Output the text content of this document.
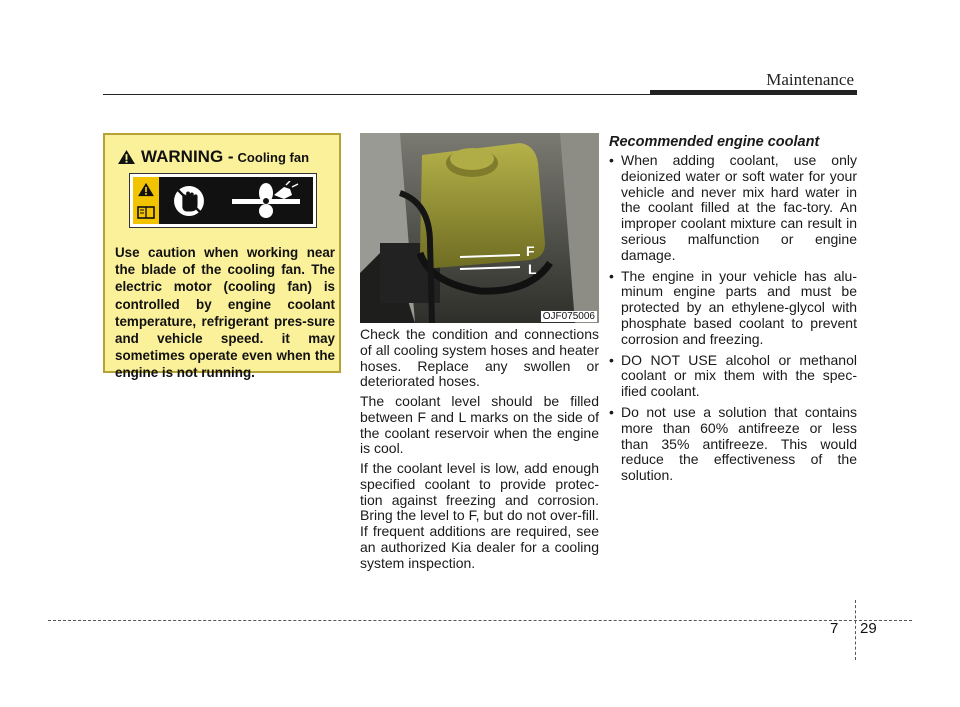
Maintenance
WARNING - Cooling fan
Use caution when working near the blade of the cooling fan. The electric motor (cooling fan) is controlled by engine coolant temperature, refrigerant pres-sure and vehicle speed. it may sometimes operate even when the engine is not running.
F
L
OJF075006

Check the condition and connections of all cooling system hoses and heater hoses. Replace any swollen or deteriorated hoses.

The coolant level should be filled between F and L marks on the side of the coolant reservoir when the engine is cool.

If the coolant level is low, add enough specified coolant to provide protec-tion against freezing and corrosion. Bring the level to F, but do not over-fill. If frequent additions are required, see an authorized Kia dealer for a cooling system inspection.

Recommended engine coolant
• When adding coolant, use only deionized water or soft water for your vehicle and never mix hard water in the coolant filled at the fac-tory. An improper coolant mixture can result in serious malfunction or engine damage.
• The engine in your vehicle has alu-minum engine parts and must be protected by an ethylene-glycol with phosphate based coolant to prevent corrosion and freezing.
• DO NOT USE alcohol or methanol coolant or mix them with the spec-ified coolant.
• Do not use a solution that contains more than 60% antifreeze or less than 35% antifreeze. This would reduce the effectiveness of the solution.
7 29
